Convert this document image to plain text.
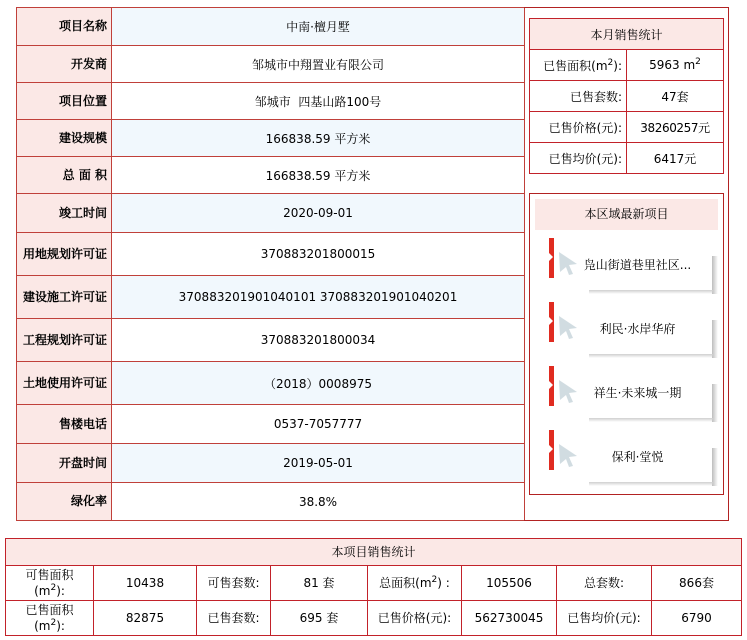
项目名称	中南·檀月墅
开发商	邹城市中翔置业有限公司
项目位置	邹城市  四基山路100号
建设规模	166838.59 平方米
总 面 积	166838.59 平方米
竣工时间	2020-09-01
用地规划许可证	370883201800015
建设施工许可证	370883201901040101 370883201901040201
工程规划许可证	370883201800034
土地使用许可证	（2018）0008975
售楼电话	0537-7057777
开盘时间	2019-05-01
绿化率	38.8%
本月销售统计	
已售面积$(m^2)$:	5963 $m^2$
已售套数:	47套
已售价格(元):	38260257元
已售均价(元):	6417元
本区域最新项目
凫山街道巷里社区...
利民·水岸华府
祥生·未来城一期
保利·堂悦
本项目销售统计							
可售面积
$(m^2)$:	10438	可售套数:	81 套	总面积$(m^2)$ :	105506	总套数:	866套
已售面积
$(m^2)$:	82875	已售套数:	695 套	已售价格(元):	562730045	已售均价(元):	6790
